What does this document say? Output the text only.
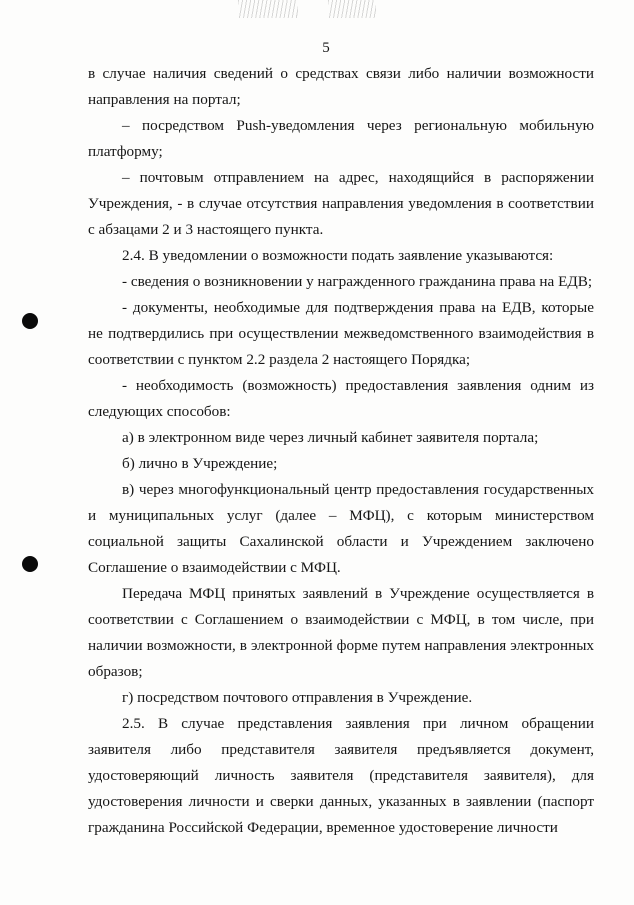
5

в случае наличия сведений о средствах связи либо наличии возможности направления на портал;

– посредством Push-уведомления через региональную мобильную платформу;

– почтовым отправлением на адрес, находящийся в распоряжении Учреждения, - в случае отсутствия направления уведомления в соответствии с абзацами 2 и 3 настоящего пункта.

2.4. В уведомлении о возможности подать заявление указываются:

- сведения о возникновении у награжденного гражданина права на ЕДВ;

- документы, необходимые для подтверждения права на ЕДВ, которые не подтвердились при осуществлении межведомственного взаимодействия в соответствии с пунктом 2.2 раздела 2 настоящего Порядка;

- необходимость (возможность) предоставления заявления одним из следующих способов:

а) в электронном виде через личный кабинет заявителя портала;

б) лично в Учреждение;

в) через многофункциональный центр предоставления государственных и муниципальных услуг (далее – МФЦ), с которым министерством социальной защиты Сахалинской области и Учреждением заключено Соглашение о взаимодействии с МФЦ.

Передача МФЦ принятых заявлений в Учреждение осуществляется в соответствии с Соглашением о взаимодействии с МФЦ, в том числе, при наличии возможности, в электронной форме путем направления электронных образов;

г) посредством почтового отправления в Учреждение.

2.5. В случае представления заявления при личном обращении заявителя либо представителя заявителя предъявляется документ, удостоверяющий личность заявителя (представителя заявителя), для удостоверения личности и сверки данных, указанных в заявлении (паспорт гражданина Российской Федерации, временное удостоверение личности
